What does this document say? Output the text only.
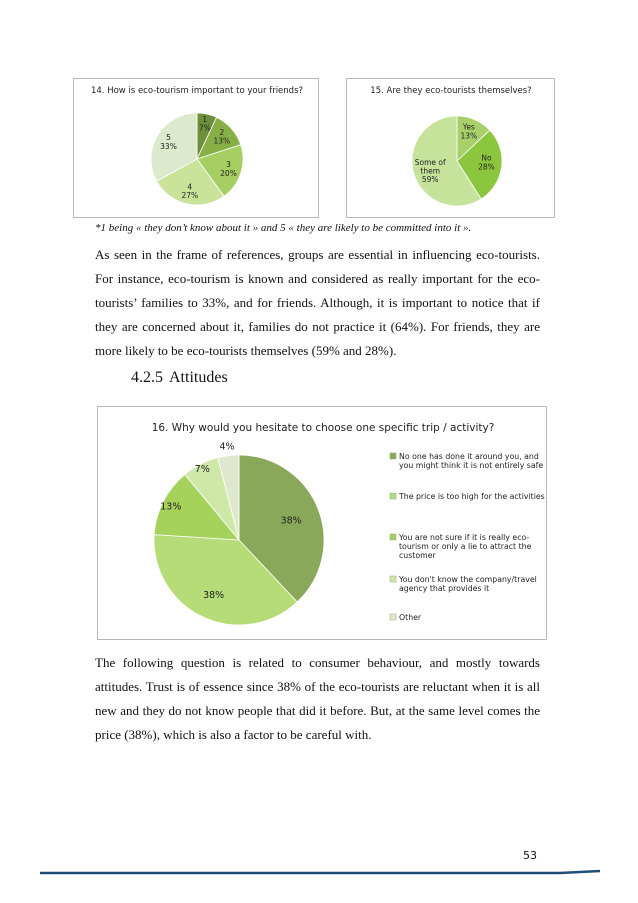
14. How is eco-tourism important to your friends?
1 7%	2 13%
3 20%
4 27%
5 33%
15. Are they eco-tourists themselves?
Yes 13%
No 28%
Some of them 59%
*1 being « they don’t know about it » and 5 « they are likely to be committed into it ».

As seen in the frame of references, groups are essential in influencing eco-tourists. For instance, eco-tourism is known and considered as really important for the eco-tourists’ families to 33%, and for friends. Although, it is important to notice that if they are concerned about it, families do not practice it (64%). For friends, they are more likely to be eco-tourists themselves (59% and 28%).

4.2.5 Attitudes
16. Why would you hesitate to choose one specific trip / activity?
38%
38%
13%
7%
4%
No one has done it around you, and you might think it is not entirely safe
The price is too high for the activities
You are not sure if it is really eco-tourism or only a lie to attract the customer
You don't know the company/travel agency that provides it
Other

The following question is related to consumer behaviour, and mostly towards attitudes. Trust is of essence since 38% of the eco-tourists are reluctant when it is all new and they do not know people that did it before. But, at the same level comes the price (38%), which is also a factor to be careful with.

53
